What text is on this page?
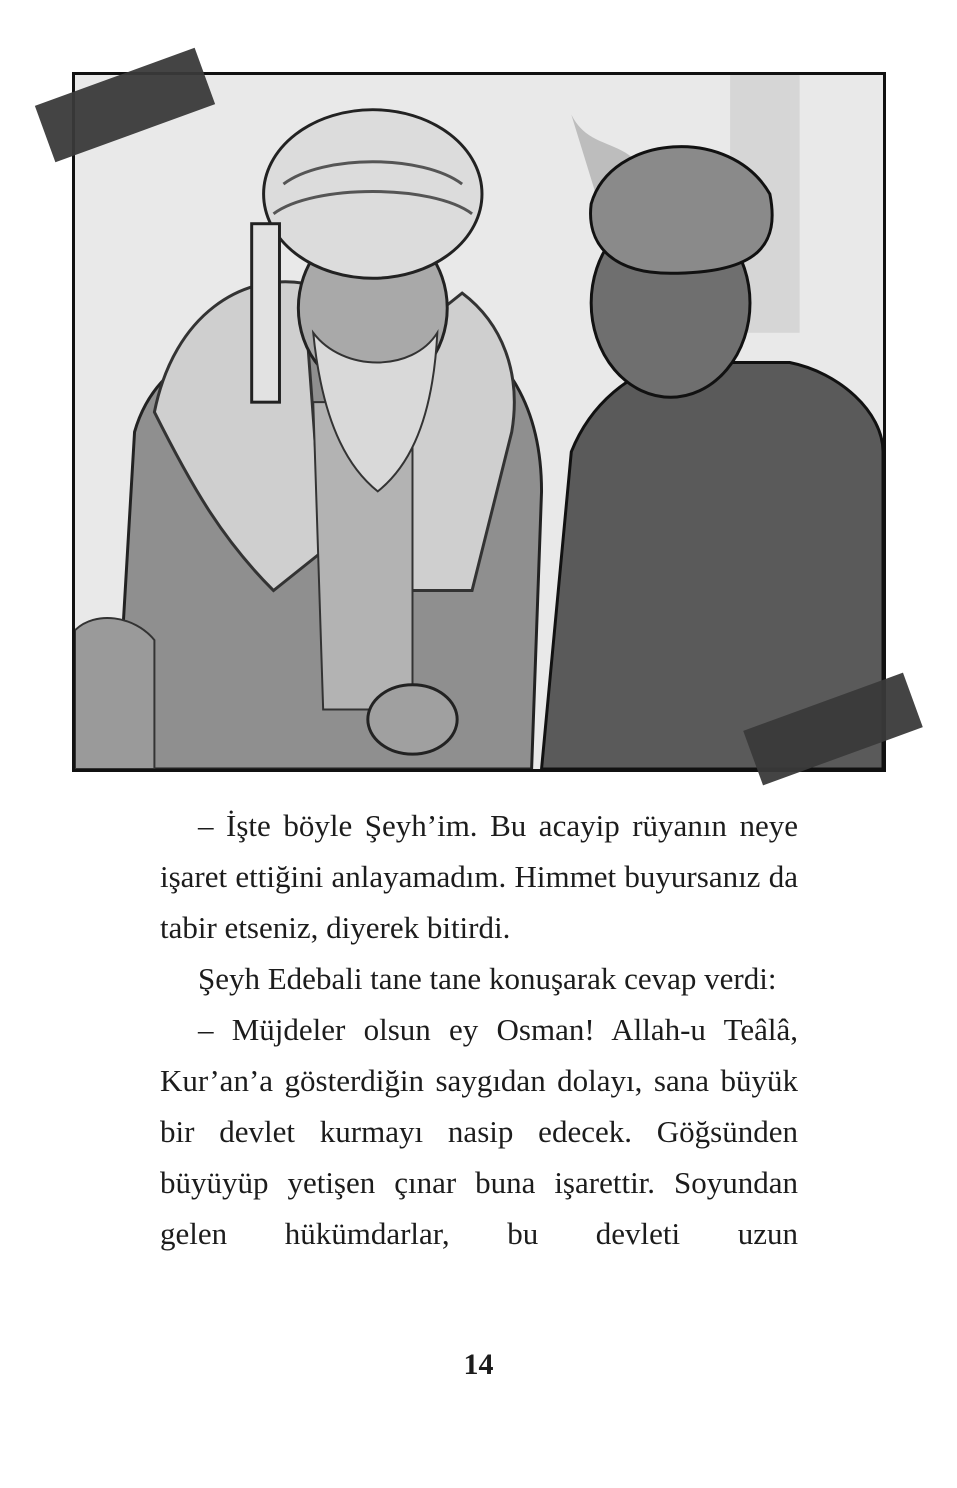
– İşte böyle Şeyh’im. Bu acayip rüyanın neye işaret ettiğini anlayamadım. Himmet buyursanız da tabir etseniz, diyerek bitirdi.

Şeyh Edebali tane tane konuşarak cevap verdi:

– Müjdeler olsun ey Osman! Allah-u Teâlâ, Kur’an’a gösterdiğin saygıdan dolayı, sana büyük bir devlet kurmayı nasip edecek. Göğsünden büyüyüp yetişen çınar buna işarettir. Soyundan gelen hükümdarlar, bu devleti uzun

14
